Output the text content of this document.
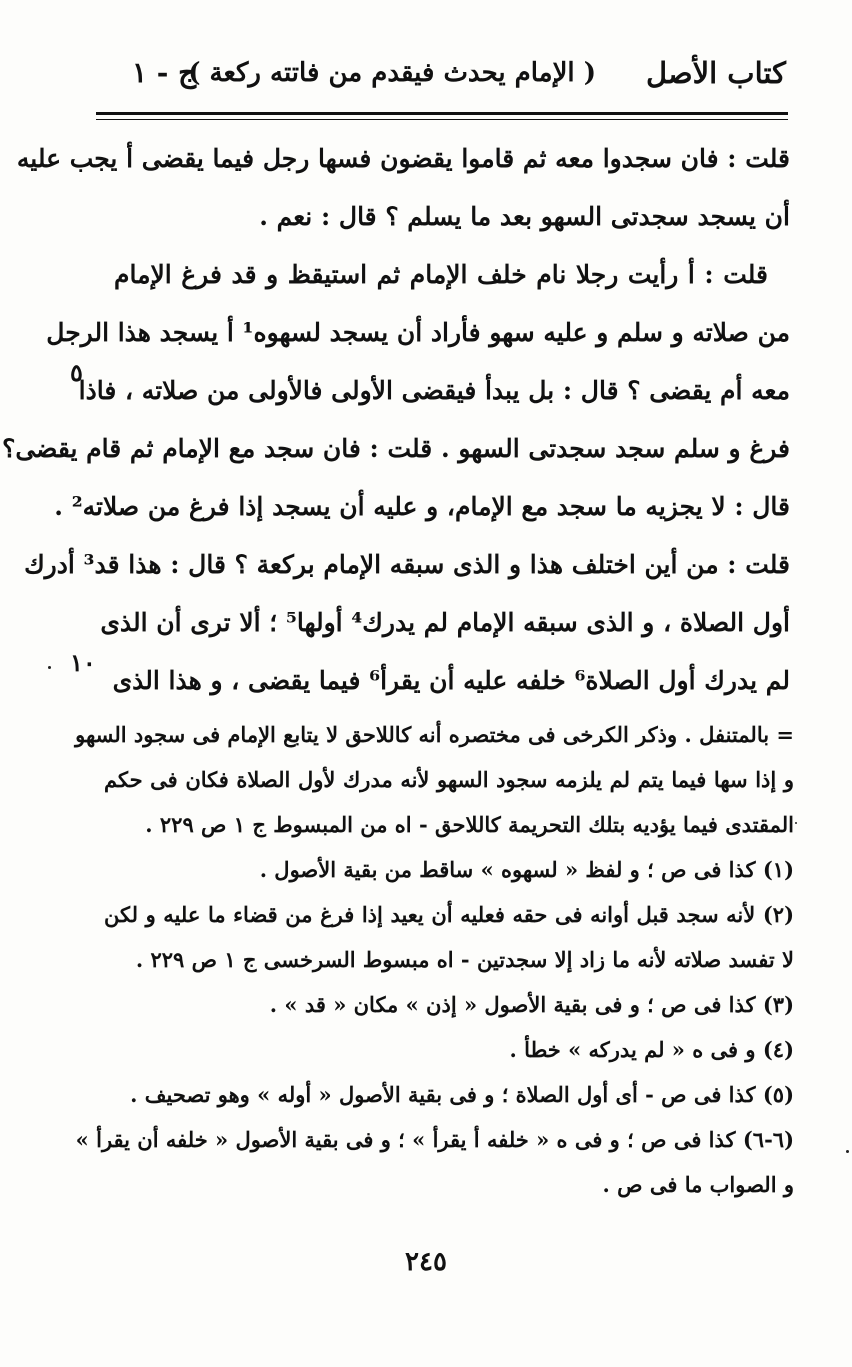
كتاب الأصل
( الإمام يحدث فيقدم من فاتته ركعة )
ج - ١
قلت : فان سجدوا معه ثم قاموا يقضون فسها رجل فيما يقضى أ يجب عليه
أن يسجد سجدتى السهو بعد ما يسلم ؟ قال : نعم .
قلت : أ رأيت رجلا نام خلف الإمام ثم استيقظ و قد فرغ الإمام
من صلاته و سلم و عليه سهو فأراد أن يسجد لسهوه¹ أ يسجد هذا الرجل
معه أم يقضى ؟ قال : بل يبدأ فيقضى الأولى فالأولى من صلاته ، فاذا
فرغ و سلم سجد سجدتى السهو . قلت : فان سجد مع الإمام ثم قام يقضى؟
قال : لا يجزيه ما سجد مع الإمام، و عليه أن يسجد إذا فرغ من صلاته² .
قلت : من أين اختلف هذا و الذى سبقه الإمام بركعة ؟ قال : هذا قد³ أدرك
أول الصلاة ، و الذى سبقه الإمام لم يدرك⁴ أولها⁵ ؛ ألا ترى أن الذى
لم يدرك أول الصلاة⁶ خلفه عليه أن يقرأ⁶ فيما يقضى ، و هذا الذى
٥
١٠
= بالمتنفل . وذكر الكرخى فى مختصره أنه كاللاحق لا يتابع الإمام فى سجود السهو
و إذا سها فيما يتم لم يلزمه سجود السهو لأنه مدرك لأول الصلاة فكان فى حكم
المقتدى فيما يؤديه بتلك التحريمة كاللاحق - اه من المبسوط ج ١ ص ٢٢٩ .
(١) كذا فى ص ؛ و لفظ « لسهوه » ساقط من بقية الأصول .
(٢) لأنه سجد قبل أوانه فى حقه فعليه أن يعيد إذا فرغ من قضاء ما عليه و لكن
لا تفسد صلاته لأنه ما زاد إلا سجدتين - اه مبسوط السرخسى ج ١ ص ٢٢٩ .
(٣) كذا فى ص ؛ و فى بقية الأصول « إذن » مكان « قد » .
(٤) و فى ه « لم يدركه » خطأ .
(٥) كذا فى ص - أى أول الصلاة ؛ و فى بقية الأصول « أوله » وهو تصحيف .
(٦-٦) كذا فى ص ؛ و فى ه « خلفه أ يقرأ » ؛ و فى بقية الأصول « خلفه أن يقرأ »
و الصواب ما فى ص .
٢٤٥
